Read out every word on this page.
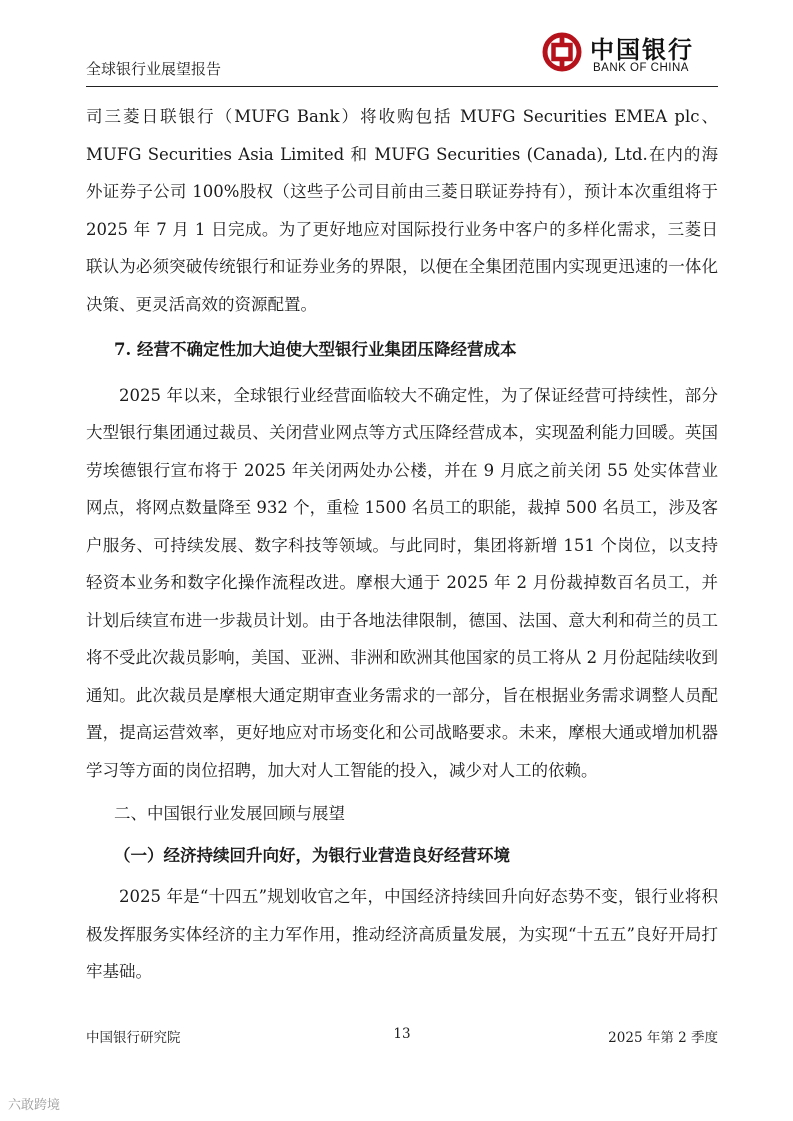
全球银行业展望报告
中国银行
BANK OF CHINA

司三菱日联银行（MUFG Bank）将收购包括 MUFG Securities EMEA plc、MUFG Securities Asia Limited 和 MUFG Securities (Canada), Ltd.在内的海外证券子公司 100%股权（这些子公司目前由三菱日联证券持有），预计本次重组将于 2025 年 7 月 1 日完成。为了更好地应对国际投行业务中客户的多样化需求，三菱日联认为必须突破传统银行和证券业务的界限，以便在全集团范围内实现更迅速的一体化决策、更灵活高效的资源配置。

7. 经营不确定性加大迫使大型银行业集团压降经营成本

2025 年以来，全球银行业经营面临较大不确定性，为了保证经营可持续性，部分大型银行集团通过裁员、关闭营业网点等方式压降经营成本，实现盈利能力回暖。英国劳埃德银行宣布将于 2025 年关闭两处办公楼，并在 9 月底之前关闭 55 处实体营业网点，将网点数量降至 932 个，重检 1500 名员工的职能，裁掉 500 名员工，涉及客户服务、可持续发展、数字科技等领域。与此同时，集团将新增 151 个岗位，以支持轻资本业务和数字化操作流程改进。摩根大通于 2025 年 2 月份裁掉数百名员工，并计划后续宣布进一步裁员计划。由于各地法律限制，德国、法国、意大利和荷兰的员工将不受此次裁员影响，美国、亚洲、非洲和欧洲其他国家的员工将从 2 月份起陆续收到通知。此次裁员是摩根大通定期审查业务需求的一部分，旨在根据业务需求调整人员配置，提高运营效率，更好地应对市场变化和公司战略要求。未来，摩根大通或增加机器学习等方面的岗位招聘，加大对人工智能的投入，减少对人工的依赖。

二、中国银行业发展回顾与展望

（一）经济持续回升向好，为银行业营造良好经营环境

2025 年是“十四五”规划收官之年，中国经济持续回升向好态势不变，银行业将积极发挥服务实体经济的主力军作用，推动经济高质量发展，为实现“十五五”良好开局打牢基础。

中国银行研究院	13	2025 年第 2 季度
六敢跨境
